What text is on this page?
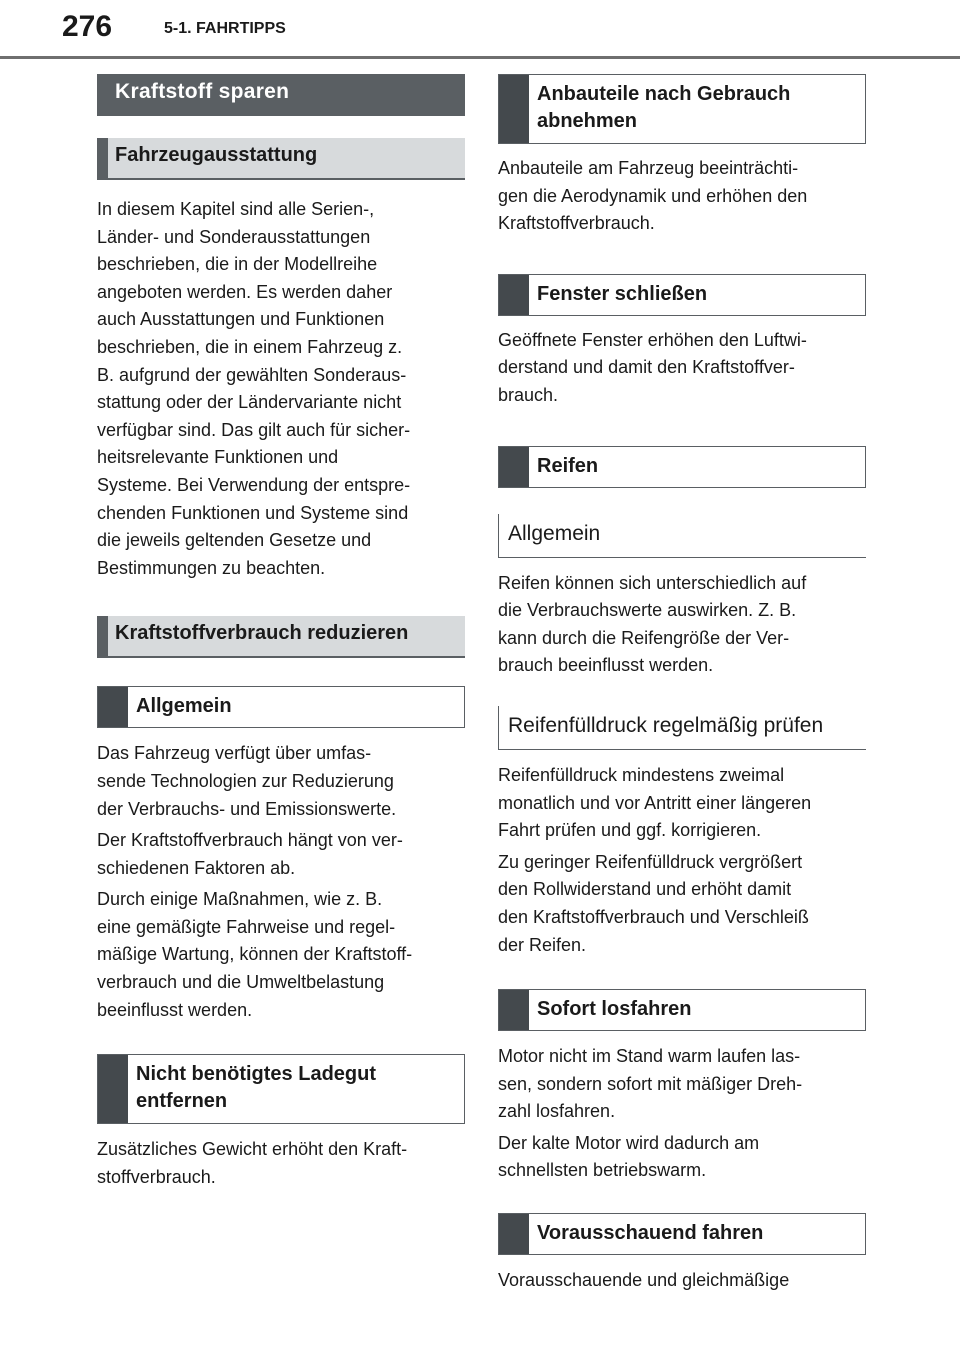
276	5-1. FAHRTIPPS
Kraftstoff sparen
Fahrzeugausstattung

In diesem Kapitel sind alle Serien-,
Länder- und Sonderausstattungen
beschrieben, die in der Modellreihe
angeboten werden. Es werden daher
auch Ausstattungen und Funktionen
beschrieben, die in einem Fahrzeug z.
B. aufgrund der gewählten Sonderaus-
stattung oder der Ländervariante nicht
verfügbar sind. Das gilt auch für sicher-
heitsrelevante Funktionen und
Systeme. Bei Verwendung der entspre-
chenden Funktionen und Systeme sind
die jeweils geltenden Gesetze und
Bestimmungen zu beachten.

Kraftstoffverbrauch reduzieren
Allgemein

Das Fahrzeug verfügt über umfas-
sende Technologien zur Reduzierung
der Verbrauchs- und Emissionswerte.

Der Kraftstoffverbrauch hängt von ver-
schiedenen Faktoren ab.

Durch einige Maßnahmen, wie z. B.
eine gemäßigte Fahrweise und regel-
mäßige Wartung, können der Kraftstoff-
verbrauch und die Umweltbelastung
beeinflusst werden.

Nicht benötigtes Ladegut
entfernen

Zusätzliches Gewicht erhöht den Kraft-
stoffverbrauch.

Anbauteile nach Gebrauch
abnehmen

Anbauteile am Fahrzeug beeinträchti-
gen die Aerodynamik und erhöhen den
Kraftstoffverbrauch.

Fenster schließen

Geöffnete Fenster erhöhen den Luftwi-
derstand und damit den Kraftstoffver-
brauch.

Reifen
Allgemein

Reifen können sich unterschiedlich auf
die Verbrauchswerte auswirken. Z. B.
kann durch die Reifengröße der Ver-
brauch beeinflusst werden.

Reifenfülldruck regelmäßig prüfen

Reifenfülldruck mindestens zweimal
monatlich und vor Antritt einer längeren
Fahrt prüfen und ggf. korrigieren.

Zu geringer Reifenfülldruck vergrößert
den Rollwiderstand und erhöht damit
den Kraftstoffverbrauch und Verschleiß
der Reifen.

Sofort losfahren

Motor nicht im Stand warm laufen las-
sen, sondern sofort mit mäßiger Dreh-
zahl losfahren.

Der kalte Motor wird dadurch am
schnellsten betriebswarm.

Vorausschauend fahren

Vorausschauende und gleichmäßige
